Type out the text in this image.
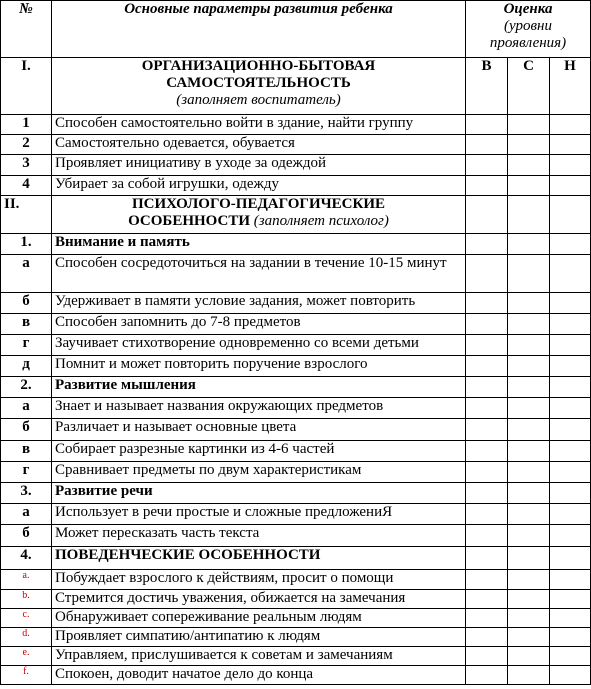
№	Основные параметры развития ребенка	Оценка
(уровни проявления)		

I.	ОРГАНИЗАЦИОННО-БЫТОВАЯ
САМОСТОЯТЕЛЬНОСТЬ
(заполняет воспитатель)	В	С	Н
1	Способен самостоятельно войти в здание, найти группу			
2	Самостоятельно одевается, обувается			
3	Проявляет инициативу в уходе за одеждой			
4	Убирает за собой игрушки, одежду			
II.	ПСИХОЛОГО-ПЕДАГОГИЧЕСКИЕ
ОСОБЕННОСТИ (заполняет психолог)			

1.	Внимание и память			
а	Способен сосредоточиться на задании в течение 10-15 минут			
б	Удерживает в памяти условие задания, может повторить			
в	Способен запомнить до 7-8 предметов			
г	Заучивает стихотворение одновременно со всеми детьми			
д	Помнит и может повторить поручение взрослого			
2.	Развитие мышления			
а	Знает и называет названия окружающих предметов			
б	Различает и называет основные цвета			
в	Собирает разрезные картинки из 4-6 частей			
г	Сравнивает предметы по двум характеристикам			
3.	Развитие речи			
а	Использует в речи простые и сложные предложениЯ			
б	Может пересказать часть текста			
4.	ПОВЕДЕНЧЕСКИЕ ОСОБЕННОСТИ			
a.	Побуждает взрослого к действиям, просит о помощи			
b.	Стремится достичь уважения, обижается на замечания			
c.	Обнаруживает сопереживание реальным людям			
d.	Проявляет симпатию/антипатию к людям			
e.	Управляем, прислушивается к советам и замечаниям			
f.	Спокоен, доводит начатое дело до конца			
